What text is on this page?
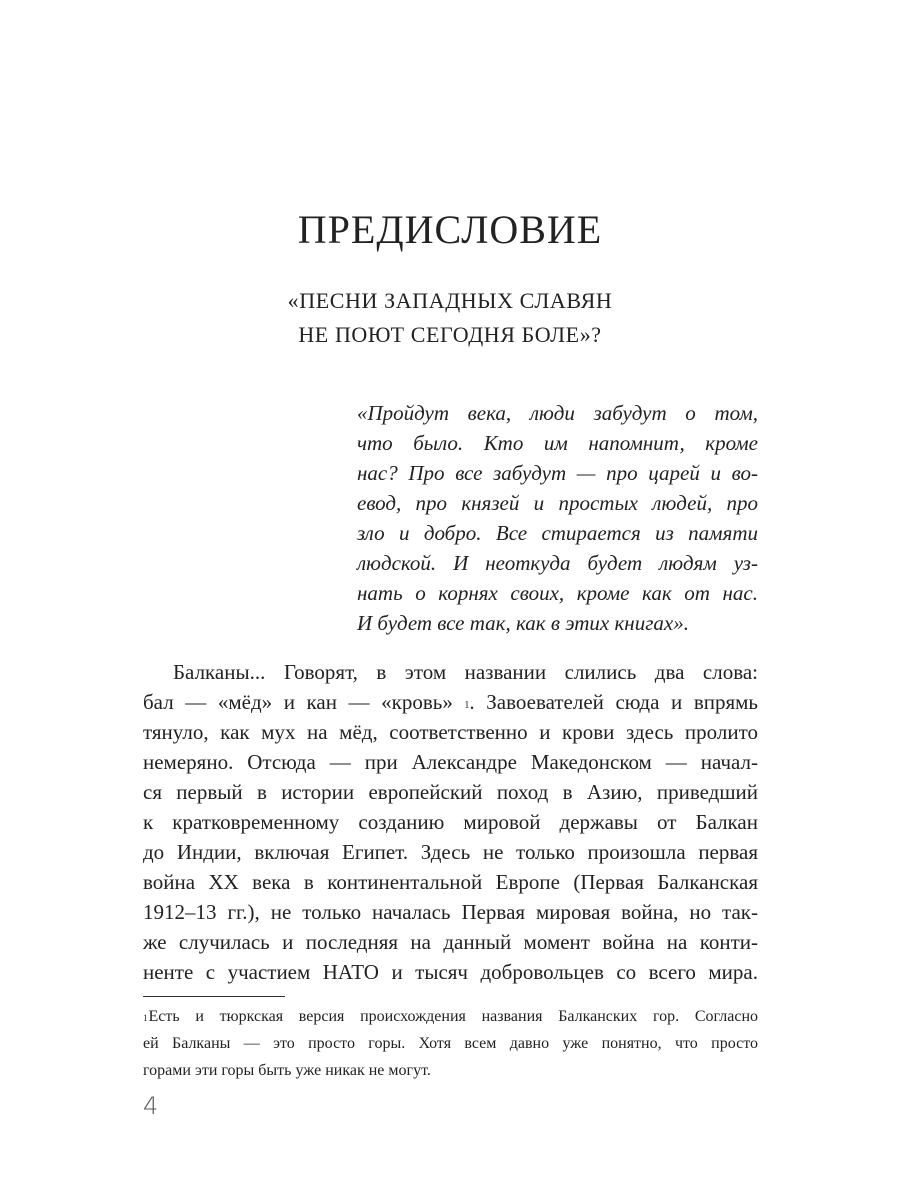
ПРЕДИСЛОВИЕ
«ПЕСНИ ЗАПАДНЫХ СЛАВЯН
НЕ ПОЮТ СЕГОДНЯ БОЛЕ»?
«Пройдут века, люди забудут о том,
что было. Кто им напомнит, кроме
нас? Про все забудут — про царей и во-
евод, про князей и простых людей, про
зло и добро. Все стирается из памяти
людской. И неоткуда будет людям уз-
нать о корнях своих, кроме как от нас.
И будет все так, как в этих книгах».
Балканы... Говорят, в этом названии слились два слова:
бал — «мёд» и кан — «кровь» $^1$. Завоевателей сюда и впрямь
тянуло, как мух на мёд, соответственно и крови здесь пролито
немеряно. Отсюда — при Александре Македонском — начал-
ся первый в истории европейский поход в Азию, приведший
к кратковременному созданию мировой державы от Балкан
до Индии, включая Египет. Здесь не только произошла первая
война XX века в континентальной Европе (Первая Балканская
1912–13 гг.), не только началась Первая мировая война, но так-
же случилась и последняя на данный момент война на конти-
ненте с участием НАТО и тысяч добровольцев со всего мира.
$^1$Есть и тюркская версия происхождения названия Балканских гор. Согласно
ей Балканы — это просто горы. Хотя всем давно уже понятно, что просто
горами эти горы быть уже никак не могут.
4
